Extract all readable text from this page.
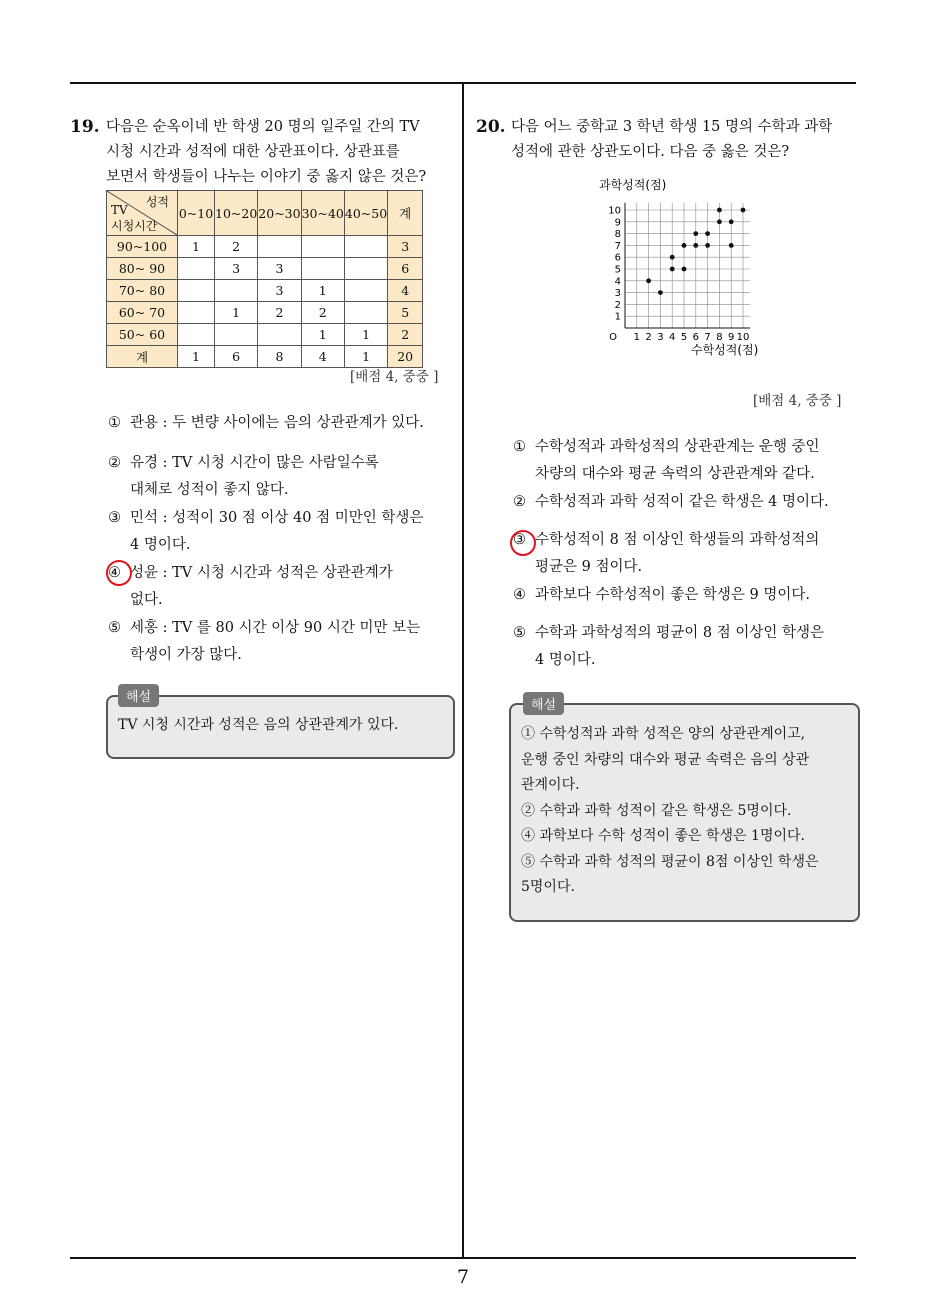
7
19. 다음은 순옥이네 반 학생 20 명의 일주일 간의 TV
시청 시간과 성적에 대한 상관표이다. 상관표를
보면서 학생들이 나누는 이야기 중 옳지 않은 것은?
성적
TV
시청시간	0~10	10~20	20~30	30~40	40~50	계
90~100	1	2				3
80~ 90		3	3			6
70~ 80			3	1		4
60~ 70		1	2	2		5
50~ 60				1	1	2
계	1	6	8	4	1	20
[배점 4, 중중 ]
① 관용 : 두 변량 사이에는 음의 상관관계가 있다.
② 유경 : TV 시청 시간이 많은 사람일수록
대체로 성적이 좋지 않다.
③ 민석 : 성적이 30 점 이상 40 점 미만인 학생은
4 명이다.
④ 성윤 : TV 시청 시간과 성적은 상관관계가
없다.
⑤ 세홍 : TV 를 80 시간 이상 90 시간 미만 보는
학생이 가장 많다.
해설
TV 시청 시간과 성적은 음의 상관관계가 있다.
20. 다음 어느 중학교 3 학년 학생 15 명의 수학과 과학
성적에 관한 상관도이다. 다음 중 옳은 것은?
1 2 3 4 5 6 7 8 9 10
1
2
3
4
5
6
7
8
9
10
O
과학성적(점)
수학성적(점)
[배점 4, 중중 ]
① 수학성적과 과학성적의 상관관계는 운행 중인
차량의 대수와 평균 속력의 상관관계와 같다.
② 수학성적과 과학 성적이 같은 학생은 4 명이다.
③ 수학성적이 8 점 이상인 학생들의 과학성적의
평균은 9 점이다.
④ 과학보다 수학성적이 좋은 학생은 9 명이다.
⑤ 수학과 과학성적의 평균이 8 점 이상인 학생은
4 명이다.
해설
① 수학성적과 과학 성적은 양의 상관관계이고,
운행 중인 차량의 대수와 평균 속력은 음의 상관
관계이다.
② 수학과 과학 성적이 같은 학생은 5명이다.
④ 과학보다 수학 성적이 좋은 학생은 1명이다.
⑤ 수학과 과학 성적의 평균이 8점 이상인 학생은
5명이다.
